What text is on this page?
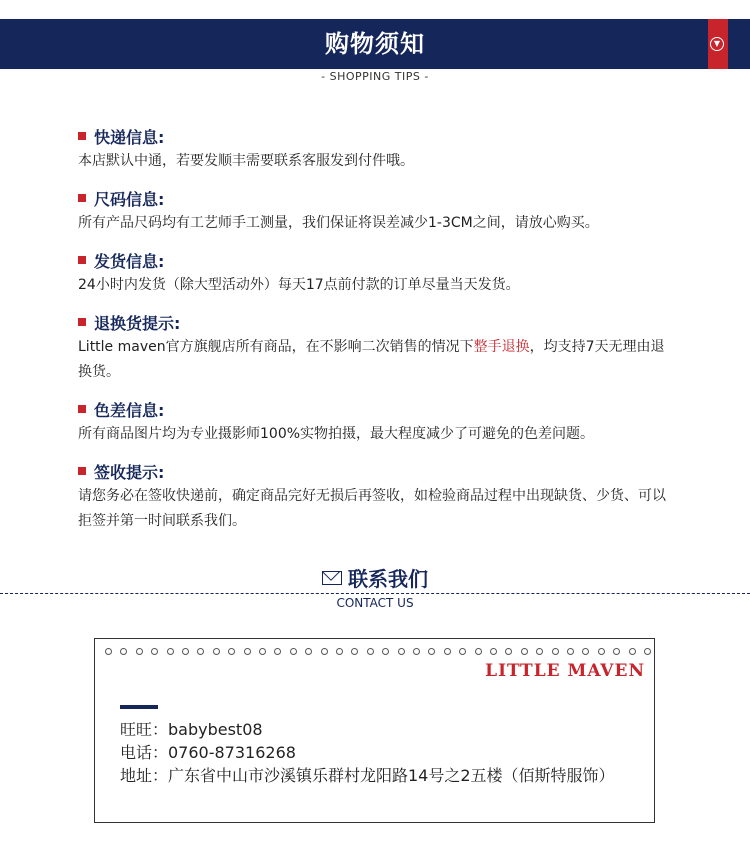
购物须知	▼
- SHOPPING TIPS -
快递信息:
本店默认中通，若要发顺丰需要联系客服发到付件哦。
尺码信息:
所有产品尺码均有工艺师手工测量，我们保证将误差减少1-3CM之间，请放心购买。
发货信息:
24小时内发货（除大型活动外）每天17点前付款的订单尽量当天发货。
退换货提示:
Little maven官方旗舰店所有商品，在不影响二次销售的情况下整手退换，均支持7天无理由退换货。
色差信息:
所有商品图片均为专业摄影师100%实物拍摄，最大程度减少了可避免的色差问题。
签收提示:
请您务必在签收快递前，确定商品完好无损后再签收，如检验商品过程中出现缺货、少货、可以拒签并第一时间联系我们。
联系我们
CONTACT US
LITTLE MAVEN
旺旺：babybest08
电话：0760-87316268
地址：广东省中山市沙溪镇乐群村龙阳路14号之2五楼（佰斯特服饰）
